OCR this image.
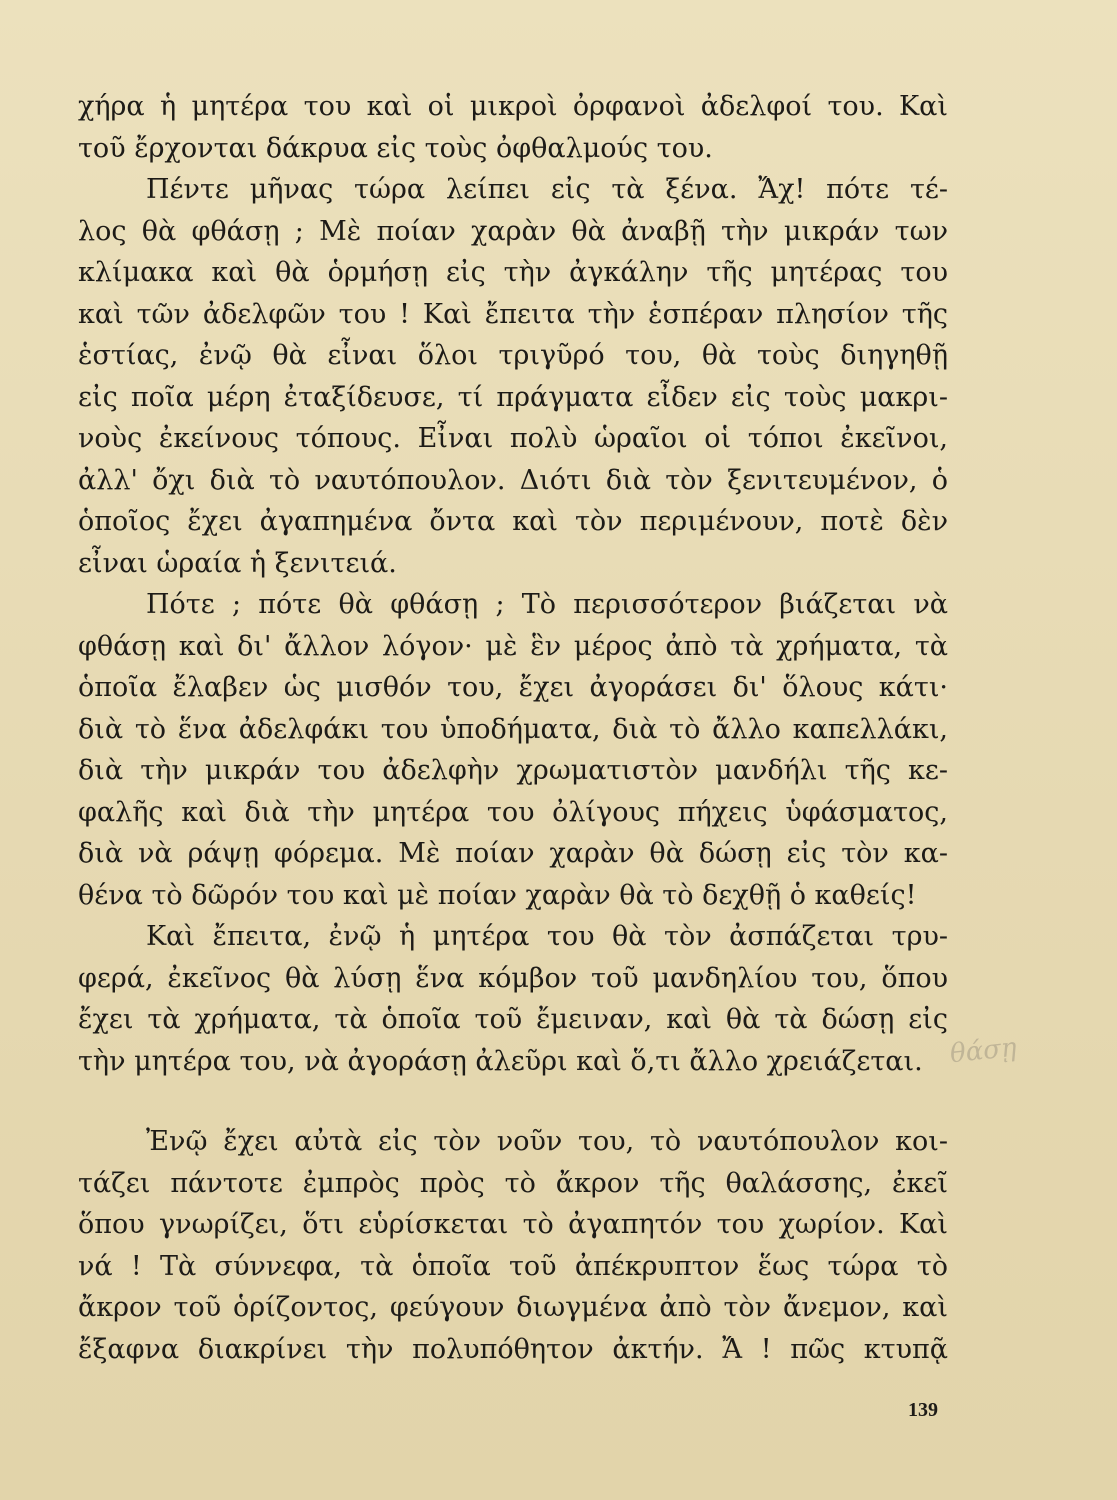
χήρα ἡ μητέρα του καὶ οἱ μικροὶ ὀρφανοὶ ἀδελφοί του. Καὶ
τοῦ ἔρχονται δάκρυα εἰς τοὺς ὀφθαλμούς του.
Πέντε μῆνας τώρα λείπει εἰς τὰ ξένα. Ἄχ! πότε τέ-
λος θὰ φθάσῃ ; Μὲ ποίαν χαρὰν θὰ ἀναβῇ τὴν μικράν των
κλίμακα καὶ θὰ ὁρμήσῃ εἰς τὴν ἀγκάλην τῆς μητέρας του
καὶ τῶν ἀδελφῶν του ! Καὶ ἔπειτα τὴν ἑσπέραν πλησίον τῆς
ἑστίας, ἐνῷ θὰ εἶναι ὅλοι τριγῦρό του, θὰ τοὺς διηγηθῇ
εἰς ποῖα μέρη ἐταξίδευσε, τί πράγματα εἶδεν εἰς τοὺς μακρι-
νοὺς ἐκείνους τόπους. Εἶναι πολὺ ὡραῖοι οἱ τόποι ἐκεῖνοι,
ἀλλ' ὄχι διὰ τὸ ναυτόπουλον. Διότι διὰ τὸν ξενιτευμένον, ὁ
ὁποῖος ἔχει ἀγαπημένα ὄντα καὶ τὸν περιμένουν, ποτὲ δὲν
εἶναι ὡραία ἡ ξενιτειά.
Πότε ; πότε θὰ φθάσῃ ; Τὸ περισσότερον βιάζεται νὰ
φθάσῃ καὶ δι' ἄλλον λόγον· μὲ ἓν μέρος ἀπὸ τὰ χρήματα, τὰ
ὁποῖα ἔλαβεν ὡς μισθόν του, ἔχει ἀγοράσει δι' ὅλους κάτι·
διὰ τὸ ἕνα ἀδελφάκι του ὑποδήματα, διὰ τὸ ἄλλο καπελλάκι,
διὰ τὴν μικράν του ἀδελφὴν χρωματιστὸν μανδήλι τῆς κε-
φαλῆς καὶ διὰ τὴν μητέρα του ὀλίγους πήχεις ὑφάσματος,
διὰ νὰ ράψῃ φόρεμα. Μὲ ποίαν χαρὰν θὰ δώσῃ εἰς τὸν κα-
θένα τὸ δῶρόν του καὶ μὲ ποίαν χαρὰν θὰ τὸ δεχθῇ ὁ καθείς!
Καὶ ἔπειτα, ἐνῷ ἡ μητέρα του θὰ τὸν ἀσπάζεται τρυ-
φερά, ἐκεῖνος θὰ λύσῃ ἕνα κόμβον τοῦ μανδηλίου του, ὅπου
ἔχει τὰ χρήματα, τὰ ὁποῖα τοῦ ἔμειναν, καὶ θὰ τὰ δώσῃ εἰς
τὴν μητέρα του, νὰ ἀγοράσῃ ἀλεῦρι καὶ ὅ,τι ἄλλο χρειάζεται. θάσῃ
Ἐνῷ ἔχει αὐτὰ εἰς τὸν νοῦν του, τὸ ναυτόπουλον κοι-
τάζει πάντοτε ἐμπρὸς πρὸς τὸ ἄκρον τῆς θαλάσσης, ἐκεῖ
ὅπου γνωρίζει, ὅτι εὑρίσκεται τὸ ἀγαπητόν του χωρίον. Καὶ
νά ! Τὰ σύννεφα, τὰ ὁποῖα τοῦ ἀπέκρυπτον ἕως τώρα τὸ
ἄκρον τοῦ ὁρίζοντος, φεύγουν διωγμένα ἀπὸ τὸν ἄνεμον, καὶ
ἔξαφνα διακρίνει τὴν πολυπόθητον ἀκτήν. Ἄ ! πῶς κτυπᾷ
139
